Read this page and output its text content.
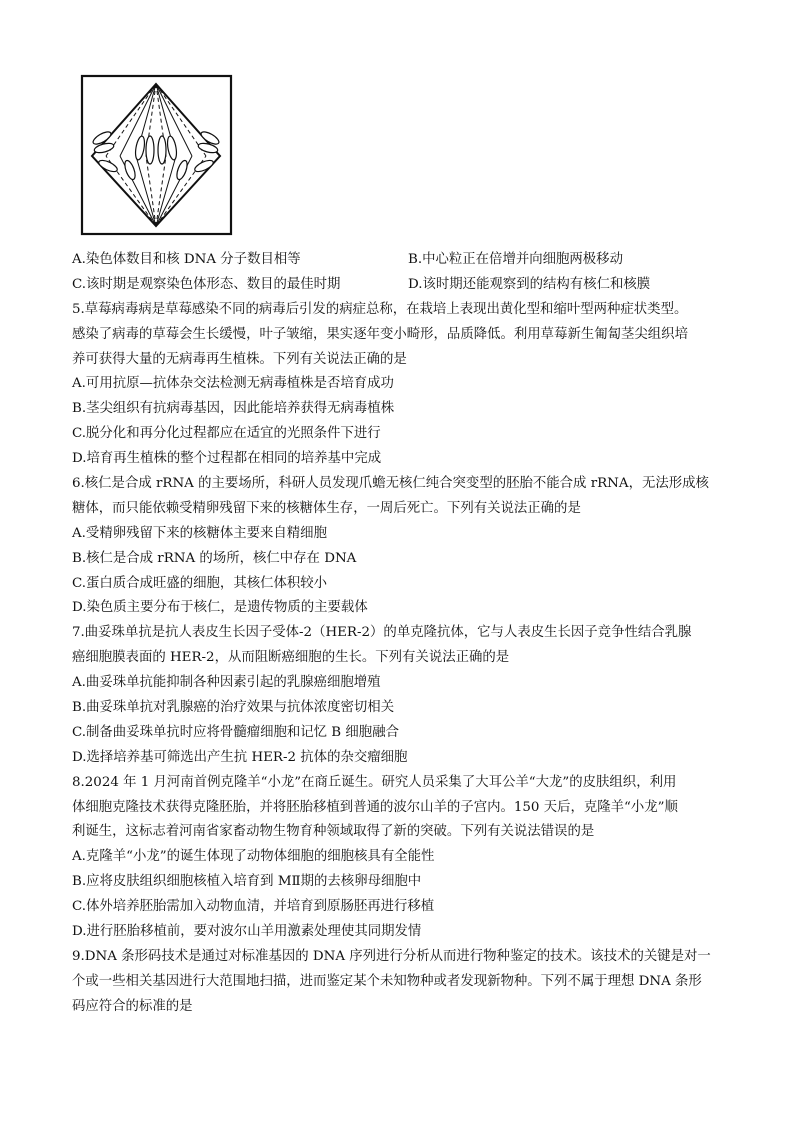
A.染色体数目和核 DNA 分子数目相等	B.中心粒正在倍增并向细胞两极移动
C.该时期是观察染色体形态、数目的最佳时期	D.该时期还能观察到的结构有核仁和核膜
5.草莓病毒病是草莓感染不同的病毒后引发的病症总称，在栽培上表现出黄化型和缩叶型两种症状类型。
感染了病毒的草莓会生长缓慢，叶子皱缩，果实逐年变小畸形，品质降低。利用草莓新生匍匐茎尖组织培
养可获得大量的无病毒再生植株。下列有关说法正确的是
A.可用抗原—抗体杂交法检测无病毒植株是否培育成功
B.茎尖组织有抗病毒基因，因此能培养获得无病毒植株
C.脱分化和再分化过程都应在适宜的光照条件下进行
D.培育再生植株的整个过程都在相同的培养基中完成
6.核仁是合成 rRNA 的主要场所，科研人员发现爪蟾无核仁纯合突变型的胚胎不能合成 rRNA，无法形成核
糖体，而只能依赖受精卵残留下来的核糖体生存，一周后死亡。下列有关说法正确的是
A.受精卵残留下来的核糖体主要来自精细胞
B.核仁是合成 rRNA 的场所，核仁中存在 DNA
C.蛋白质合成旺盛的细胞，其核仁体积较小
D.染色质主要分布于核仁，是遗传物质的主要载体
7.曲妥珠单抗是抗人表皮生长因子受体-2（HER-2）的单克隆抗体，它与人表皮生长因子竞争性结合乳腺
癌细胞膜表面的 HER-2，从而阻断癌细胞的生长。下列有关说法正确的是
A.曲妥珠单抗能抑制各种因素引起的乳腺癌细胞增殖
B.曲妥珠单抗对乳腺癌的治疗效果与抗体浓度密切相关
C.制备曲妥珠单抗时应将骨髓瘤细胞和记忆 B 细胞融合
D.选择培养基可筛选出产生抗 HER-2 抗体的杂交瘤细胞
8.2024 年 1 月河南首例克隆羊“小龙”在商丘诞生。研究人员采集了大耳公羊“大龙”的皮肤组织，利用
体细胞克隆技术获得克隆胚胎，并将胚胎移植到普通的波尔山羊的子宫内。150 天后，克隆羊“小龙”顺
利诞生，这标志着河南省家畜动物生物育种领域取得了新的突破。下列有关说法错误的是
A.克隆羊“小龙”的诞生体现了动物体细胞的细胞核具有全能性
B.应将皮肤组织细胞核植入培育到 MⅡ期的去核卵母细胞中
C.体外培养胚胎需加入动物血清，并培育到原肠胚再进行移植
D.进行胚胎移植前，要对波尔山羊用激素处理使其同期发情
9.DNA 条形码技术是通过对标准基因的 DNA 序列进行分析从而进行物种鉴定的技术。该技术的关键是对一
个或一些相关基因进行大范围地扫描，进而鉴定某个未知物种或者发现新物种。下列不属于理想 DNA 条形
码应符合的标准的是
